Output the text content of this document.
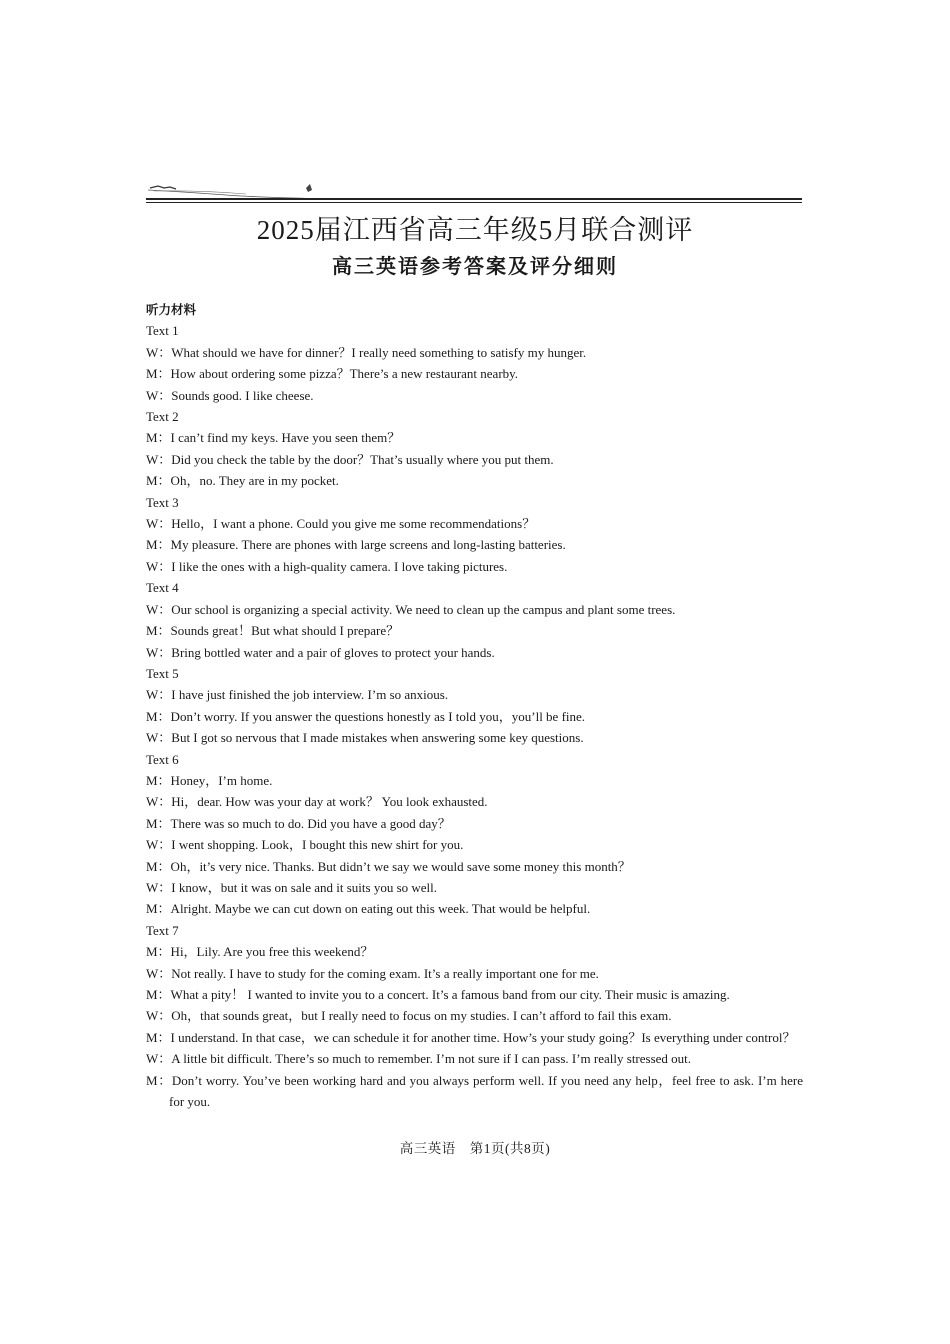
2025届江西省高三年级5月联合测评
高三英语参考答案及评分细则
听力材料
Text 1
W：What should we have for dinner？I really need something to satisfy my hunger.
M：How about ordering some pizza？There’s a new restaurant nearby.
W：Sounds good. I like cheese.
Text 2
M：I can’t find my keys. Have you seen them？
W：Did you check the table by the door？That’s usually where you put them.
M：Oh，no. They are in my pocket.
Text 3
W：Hello，I want a phone. Could you give me some recommendations？
M：My pleasure. There are phones with large screens and long-lasting batteries.
W：I like the ones with a high-quality camera. I love taking pictures.
Text 4
W：Our school is organizing a special activity. We need to clean up the campus and plant some trees.
M：Sounds great！But what should I prepare？
W：Bring bottled water and a pair of gloves to protect your hands.
Text 5
W：I have just finished the job interview. I’m so anxious.
M：Don’t worry. If you answer the questions honestly as I told you，you’ll be fine.
W：But I got so nervous that I made mistakes when answering some key questions.
Text 6
M：Honey，I’m home.
W：Hi，dear. How was your day at work？ You look exhausted.
M：There was so much to do. Did you have a good day？
W：I went shopping. Look，I bought this new shirt for you.
M：Oh，it’s very nice. Thanks. But didn’t we say we would save some money this month？
W：I know，but it was on sale and it suits you so well.
M：Alright. Maybe we can cut down on eating out this week. That would be helpful.
Text 7
M：Hi，Lily. Are you free this weekend？
W：Not really. I have to study for the coming exam. It’s a really important one for me.
M：What a pity！ I wanted to invite you to a concert. It’s a famous band from our city. Their music is amazing.
W：Oh，that sounds great，but I really need to focus on my studies. I can’t afford to fail this exam.
M：I understand. In that case，we can schedule it for another time. How’s your study going？Is everything under control？
W：A little bit difficult. There’s so much to remember. I’m not sure if I can pass. I’m really stressed out.
M：Don’t worry. You’ve been working hard and you always perform well. If you need any help，feel free to ask. I’m here for you.
高三英语　第1页(共8页)
